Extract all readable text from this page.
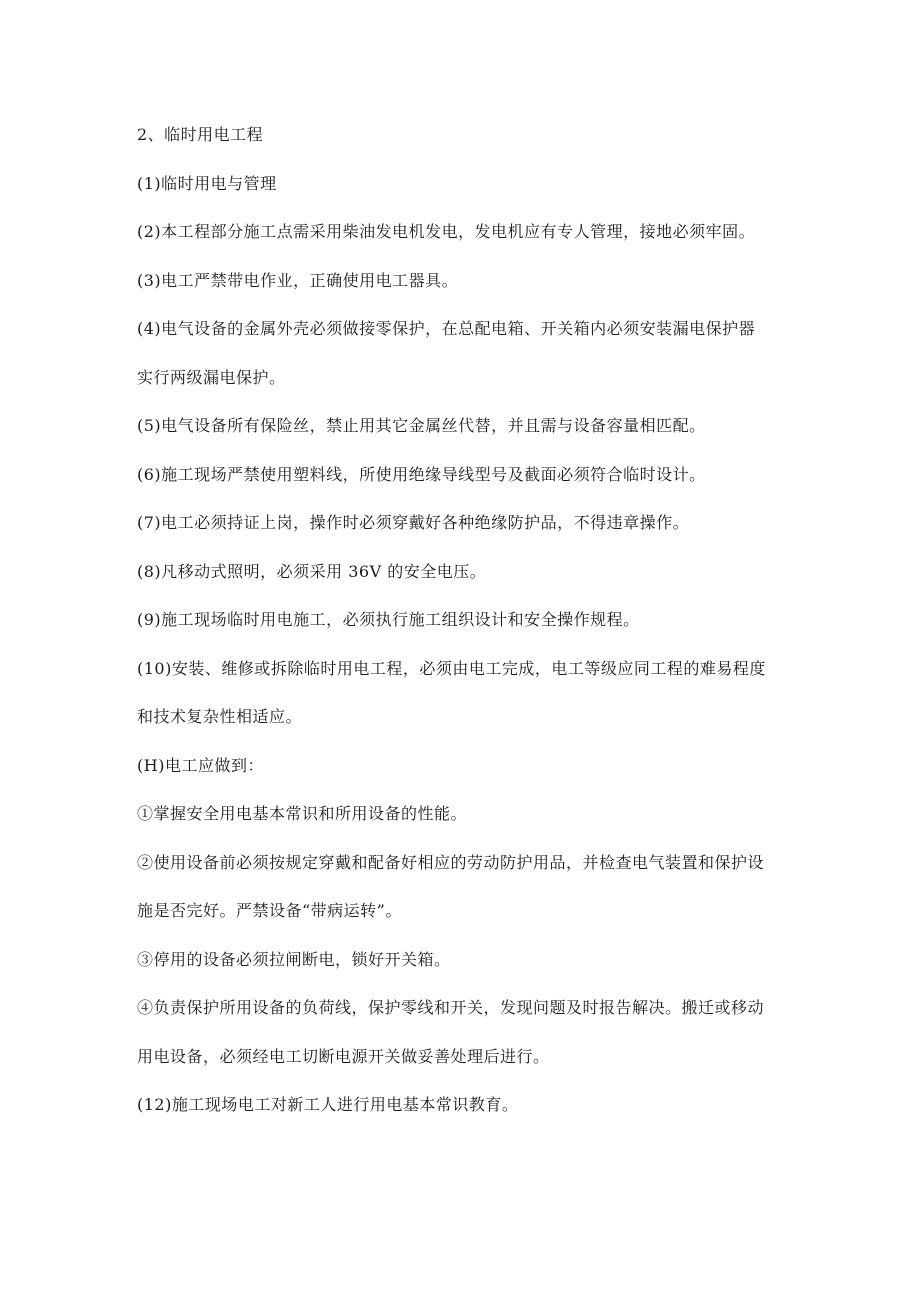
2、临时用电工程
(1)临时用电与管理
(2)本工程部分施工点需采用柴油发电机发电，发电机应有专人管理，接地必须牢固。
(3)电工严禁带电作业，正确使用电工器具。
(4)电气设备的金属外壳必须做接零保护，在总配电箱、开关箱内必须安装漏电保护器
实行两级漏电保护。
(5)电气设备所有保险丝，禁止用其它金属丝代替，并且需与设备容量相匹配。
(6)施工现场严禁使用塑料线，所使用绝缘导线型号及截面必须符合临时设计。
(7)电工必须持证上岗，操作时必须穿戴好各种绝缘防护品，不得违章操作。
(8)凡移动式照明，必须采用 36V 的安全电压。
(9)施工现场临时用电施工，必须执行施工组织设计和安全操作规程。
(10)安装、维修或拆除临时用电工程，必须由电工完成，电工等级应同工程的难易程度
和技术复杂性相适应。
(H)电工应做到：
①掌握安全用电基本常识和所用设备的性能。
②使用设备前必须按规定穿戴和配备好相应的劳动防护用品，并检查电气装置和保护设
施是否完好。严禁设备“带病运转”。
③停用的设备必须拉闸断电，锁好开关箱。
④负责保护所用设备的负荷线，保护零线和开关，发现问题及时报告解决。搬迁或移动
用电设备，必须经电工切断电源开关做妥善处理后进行。
(12)施工现场电工对新工人进行用电基本常识教育。
